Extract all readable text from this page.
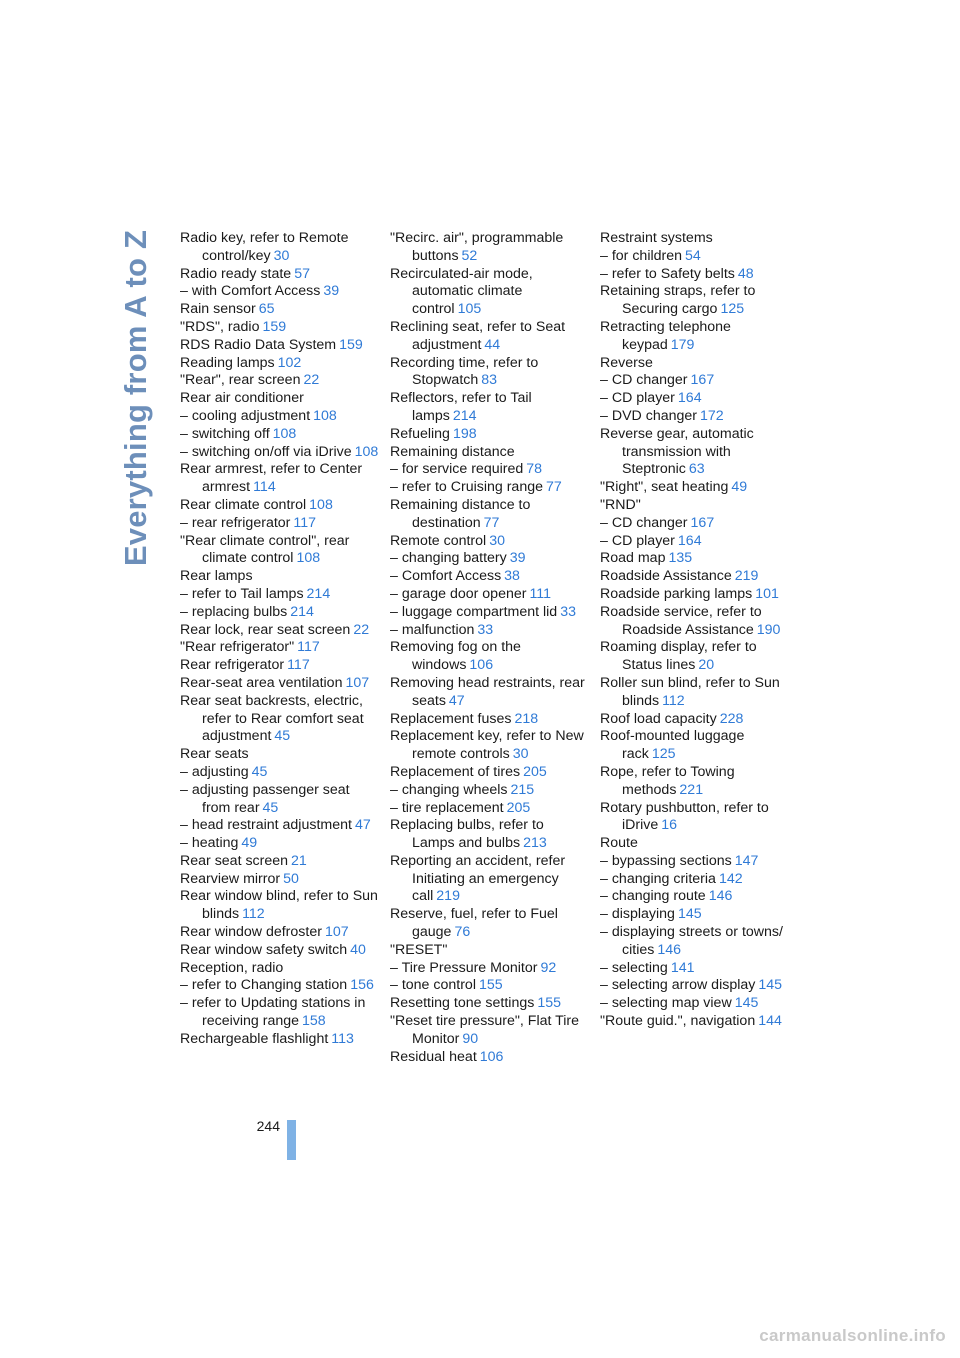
Everything from A to Z Radio key, refer to Remote control/key 30
Radio ready state 57
– with Comfort Access 39
Rain sensor 65
"RDS", radio 159
RDS Radio Data System 159
Reading lamps 102
"Rear", rear screen 22
Rear air conditioner
– cooling adjustment 108
– switching off 108
– switching on/off via iDrive 108
Rear armrest, refer to Center armrest 114
Rear climate control 108
– rear refrigerator 117
"Rear climate control", rear climate control 108
Rear lamps
– refer to Tail lamps 214
– replacing bulbs 214
Rear lock, rear seat screen 22
"Rear refrigerator" 117
Rear refrigerator 117
Rear-seat area ventilation 107
Rear seat backrests, electric, refer to Rear comfort seat adjustment 45
Rear seats
– adjusting 45
– adjusting passenger seat from rear 45
– head restraint adjustment 47
– heating 49
Rear seat screen 21
Rearview mirror 50
Rear window blind, refer to Sun blinds 112
Rear window defroster 107
Rear window safety switch 40
Reception, radio
– refer to Changing station 156
– refer to Updating stations in receiving range 158
Rechargeable flashlight 113
"Recirc. air", programmable buttons 52
Recirculated-air mode, automatic climate control 105
Reclining seat, refer to Seat adjustment 44
Recording time, refer to Stopwatch 83
Reflectors, refer to Tail lamps 214
Refueling 198
Remaining distance
– for service required 78
– refer to Cruising range 77
Remaining distance to destination 77
Remote control 30
– changing battery 39
– Comfort Access 38
– garage door opener 111
– luggage compartment lid 33
– malfunction 33
Removing fog on the windows 106
Removing head restraints, rear seats 47
Replacement fuses 218
Replacement key, refer to New remote controls 30
Replacement of tires 205
– changing wheels 215
– tire replacement 205
Replacing bulbs, refer to Lamps and bulbs 213
Reporting an accident, refer Initiating an emergency call 219
Reserve, fuel, refer to Fuel gauge 76
"RESET"
– Tire Pressure Monitor 92
– tone control 155
Resetting tone settings 155
"Reset tire pressure", Flat Tire Monitor 90
Residual heat 106
Restraint systems
– for children 54
– refer to Safety belts 48
Retaining straps, refer to Securing cargo 125
Retracting telephone keypad 179
Reverse
– CD changer 167
– CD player 164
– DVD changer 172
Reverse gear, automatic transmission with Steptronic 63
"Right", seat heating 49
"RND"
– CD changer 167
– CD player 164
Road map 135
Roadside Assistance 219
Roadside parking lamps 101
Roadside service, refer to Roadside Assistance 190
Roaming display, refer to Status lines 20
Roller sun blind, refer to Sun blinds 112
Roof load capacity 228
Roof-mounted luggage rack 125
Rope, refer to Towing methods 221
Rotary pushbutton, refer to iDrive 16
Route
– bypassing sections 147
– changing criteria 142
– changing route 146
– displaying 145
– displaying streets or towns/ cities 146
– selecting 141
– selecting arrow display 145
– selecting map view 145
"Route guid.", navigation 144
244
carmanualsonline.info
